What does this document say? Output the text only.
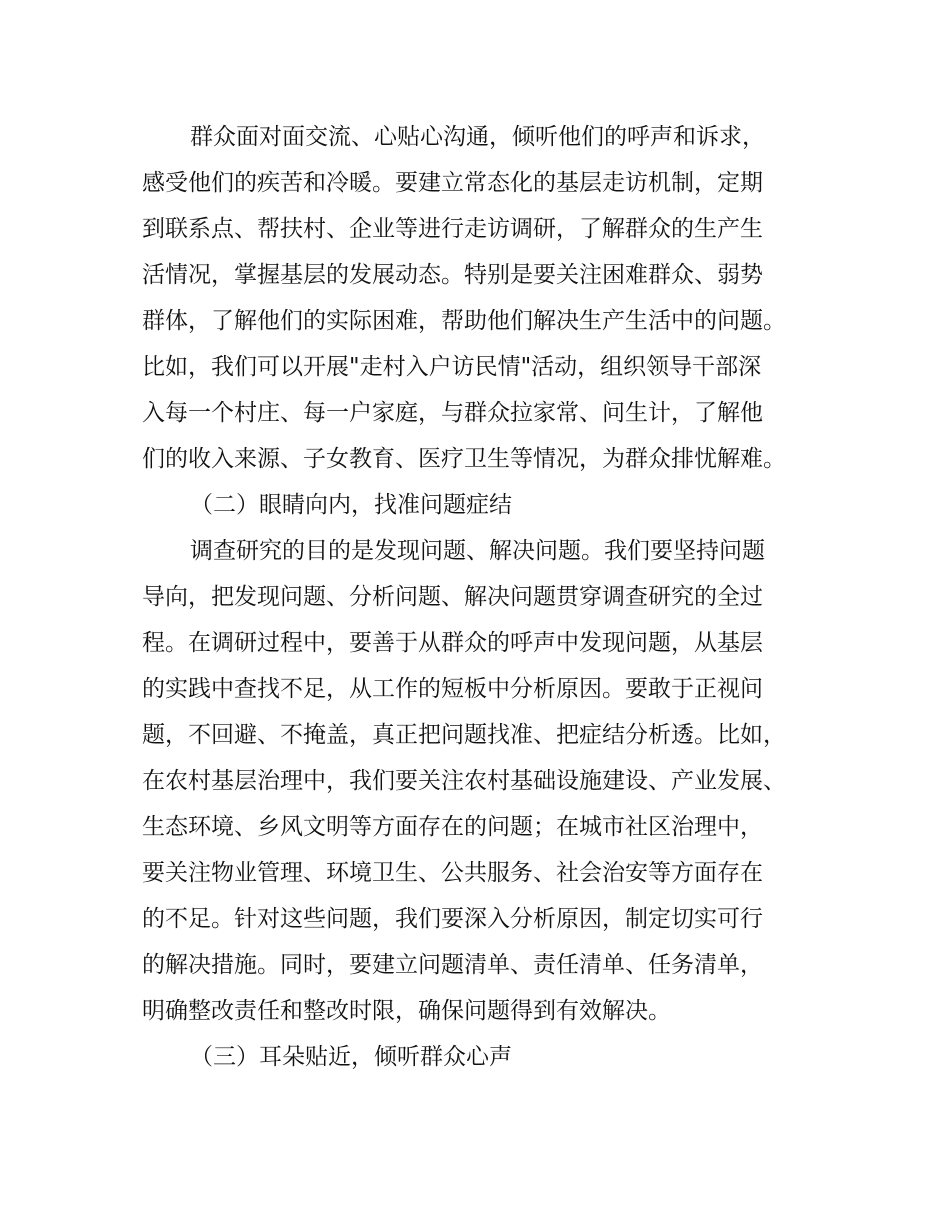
群众面对面交流、心贴心沟通，倾听他们的呼声和诉求，

感受他们的疾苦和冷暖。要建立常态化的基层走访机制，定期

到联系点、帮扶村、企业等进行走访调研，了解群众的生产生

活情况，掌握基层的发展动态。特别是要关注困难群众、弱势

群体，了解他们的实际困难，帮助他们解决生产生活中的问题。

比如，我们可以开展"走村入户访民情"活动，组织领导干部深

入每一个村庄、每一户家庭，与群众拉家常、问生计，了解他

们的收入来源、子女教育、医疗卫生等情况，为群众排忧解难。

（二）眼睛向内，找准问题症结

调查研究的目的是发现问题、解决问题。我们要坚持问题

导向，把发现问题、分析问题、解决问题贯穿调查研究的全过

程。在调研过程中，要善于从群众的呼声中发现问题，从基层

的实践中查找不足，从工作的短板中分析原因。要敢于正视问

题，不回避、不掩盖，真正把问题找准、把症结分析透。比如，

在农村基层治理中，我们要关注农村基础设施建设、产业发展、

生态环境、乡风文明等方面存在的问题；在城市社区治理中，

要关注物业管理、环境卫生、公共服务、社会治安等方面存在

的不足。针对这些问题，我们要深入分析原因，制定切实可行

的解决措施。同时，要建立问题清单、责任清单、任务清单，

明确整改责任和整改时限，确保问题得到有效解决。

（三）耳朵贴近，倾听群众心声
